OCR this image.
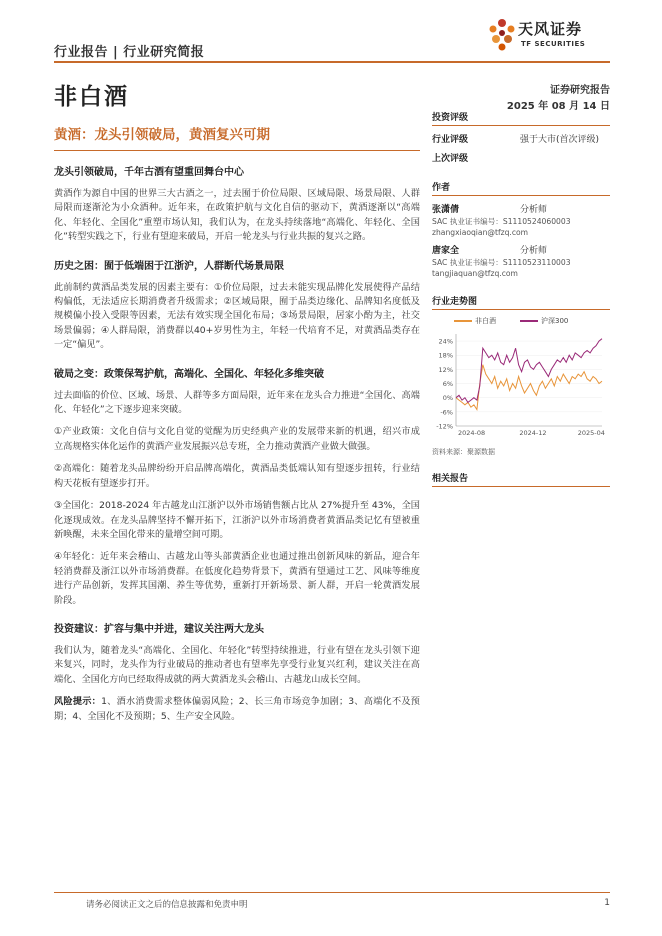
行业报告 | 行业研究简报
天风证券
TF SECURITIES
非白酒	证券研究报告
2025 年 08 月 14 日
黄酒：龙头引领破局，黄酒复兴可期
龙头引领破局，千年古酒有望重回舞台中心
黄酒作为源自中国的世界三大古酒之一，过去囿于价位局限、区域局限、场景局限、人群局限而逐渐沦为小众酒种。近年来，在政策护航与文化自信的驱动下，黄酒逐渐以“高端化、年轻化、全国化”重塑市场认知，我们认为，在龙头持续落地“高端化、年轻化、全国化”转型实践之下，行业有望迎来破局，开启一轮龙头与行业共振的复兴之路。
历史之困：囿于低端困于江浙沪，人群断代场景局限
此前制约黄酒品类发展的因素主要有：①价位局限，过去未能实现品牌化发展使得产品结构偏低，无法适应长期消费者升级需求；②区域局限，囿于品类边缘化、品牌知名度低及规模偏小投入受限等因素，无法有效实现全国化布局；③场景局限，居家小酌为主，社交场景偏弱；④人群局限，消费群以40+岁男性为主，年轻一代培育不足，对黄酒品类存在一定“偏见”。
破局之变：政策保驾护航，高端化、全国化、年轻化多维突破
过去面临的价位、区域、场景、人群等多方面局限，近年来在龙头合力推进“全国化、高端化、年轻化”之下逐步迎来突破。
①产业政策：文化自信与文化自觉的觉醒为历史经典产业的发展带来新的机遇，绍兴市成立高规格实体化运作的黄酒产业发展振兴总专班，全力推动黄酒产业做大做强。
②高端化：随着龙头品牌纷纷开启品牌高端化，黄酒品类低端认知有望逐步扭转，行业结构天花板有望逐步打开。
③全国化：2018-2024 年古越龙山江浙沪以外市场销售额占比从 27%提升至 43%，全国化逐现成效。在龙头品牌坚持不懈开拓下，江浙沪以外市场消费者黄酒品类记忆有望被重新唤醒，未来全国化带来的量增空间可期。
④年轻化：近年来会稽山、古越龙山等头部黄酒企业也通过推出创新风味的新品，迎合年轻消费群及浙江以外市场消费群。在低度化趋势背景下，黄酒有望通过工艺、风味等维度进行产品创新，发挥其国潮、养生等优势，重新打开新场景、新人群，开启一轮黄酒发展阶段。
投资建议：扩容与集中并进，建议关注两大龙头
我们认为，随着龙头“高端化、全国化、年轻化”转型持续推进，行业有望在龙头引领下迎来复兴，同时，龙头作为行业破局的推动者也有望率先享受行业复兴红利，建议关注在高端化、全国化方向已经取得成就的两大黄酒龙头会稽山、古越龙山成长空间。
风险提示：1、酒水消费需求整体偏弱风险；2、长三角市场竞争加剧；3、高端化不及预期；4、全国化不及预期；5、生产安全风险。
投资评级
行业评级	强于大市(首次评级)
上次评级
作者
张潇倩	分析师
SAC 执业证书编号：S1110524060003
zhangxiaoqian@tfzq.com
唐家全	分析师
SAC 执业证书编号：S1110523110003
tangjiaquan@tfzq.com
行业走势图
非白酒	沪深300
24%
18%
12%
6%
0%
-6%
-12%
2024-08	2024-12	2025-04
资料来源：聚源数据
相关报告
请务必阅读正文之后的信息披露和免责申明	1
